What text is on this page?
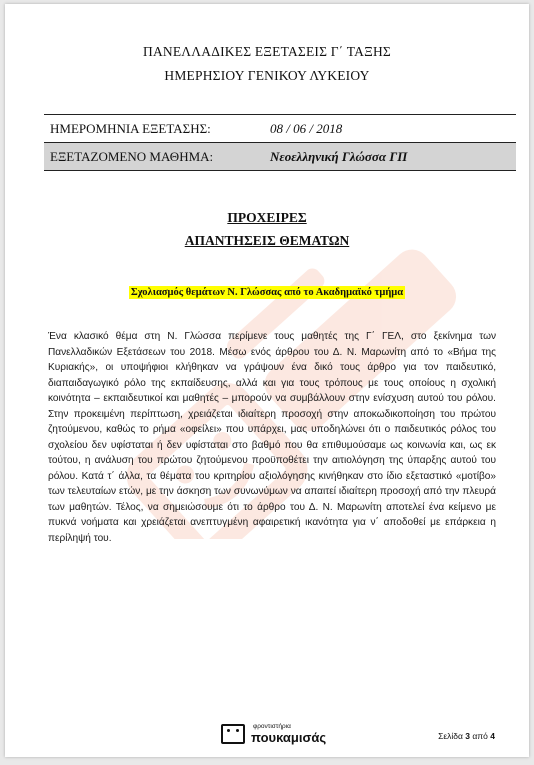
ΠΑΝΕΛΛΑΔΙΚΕΣ ΕΞΕΤΑΣΕΙΣ Γ΄ ΤΑΞΗΣ
ΗΜΕΡΗΣΙΟΥ ΓΕΝΙΚΟΥ ΛΥΚΕΙΟΥ
ΗΜΕΡΟΜΗΝΙΑ ΕΞΕΤΑΣΗΣ:	08 / 06 / 2018
ΕΞΕΤΑΖΟΜΕΝΟ ΜΑΘΗΜΑ:	Νεοελληνική Γλώσσα ΓΠ
ΠΡΟΧΕΙΡΕΣ
ΑΠΑΝΤΗΣΕΙΣ ΘΕΜΑΤΩΝ
Σχολιασμός θεμάτων Ν. Γλώσσας από το Ακαδημαϊκό τμήμα

Ένα κλασικό θέμα στη Ν. Γλώσσα περίμενε τους μαθητές της Γ΄ ΓΕΛ, στο ξεκίνημα των Πανελλαδικών Εξετάσεων του 2018. Μέσω ενός άρθρου του Δ. Ν. Μαρωνίτη από το «Βήμα της Κυριακής», οι υποψήφιοι κλήθηκαν να γράψουν ένα δικό τους άρθρο για τον παιδευτικό, διαπαιδαγωγικό ρόλο της εκπαίδευσης, αλλά και για τους τρόπους με τους οποίους η σχολική κοινότητα – εκπαιδευτικοί και μαθητές – μπορούν να συμβάλλουν στην ενίσχυση αυτού του ρόλου. Στην προκειμένη περίπτωση, χρειάζεται ιδιαίτερη προσοχή στην αποκωδικοποίηση του πρώτου ζητούμενου, καθώς το ρήμα «οφείλει» που υπάρχει, μας υποδηλώνει ότι ο παιδευτικός ρόλος του σχολείου δεν υφίσταται ή δεν υφίσταται στο βαθμό που θα επιθυμούσαμε ως κοινωνία και, ως εκ τούτου, η ανάλυση του πρώτου ζητούμενου προϋποθέτει την αιτιολόγηση της ύπαρξης αυτού του ρόλου. Κατά τ΄ άλλα, τα θέματα του κριτηρίου αξιολόγησης κινήθηκαν στο ίδιο εξεταστικό «μοτίβο» των τελευταίων ετών, με την άσκηση των συνωνύμων να απαιτεί ιδιαίτερη προσοχή από την πλευρά των μαθητών. Τέλος, να σημειώσουμε ότι το άρθρο του Δ. Ν. Μαρωνίτη αποτελεί ένα κείμενο με πυκνά νοήματα και χρειάζεται ανεπτυγμένη αφαιρετική ικανότητα για ν΄ αποδοθεί με επάρκεια η περίληψή του.

φροντιστήρια
πουκαμισάς	Σελίδα 3 από 4
